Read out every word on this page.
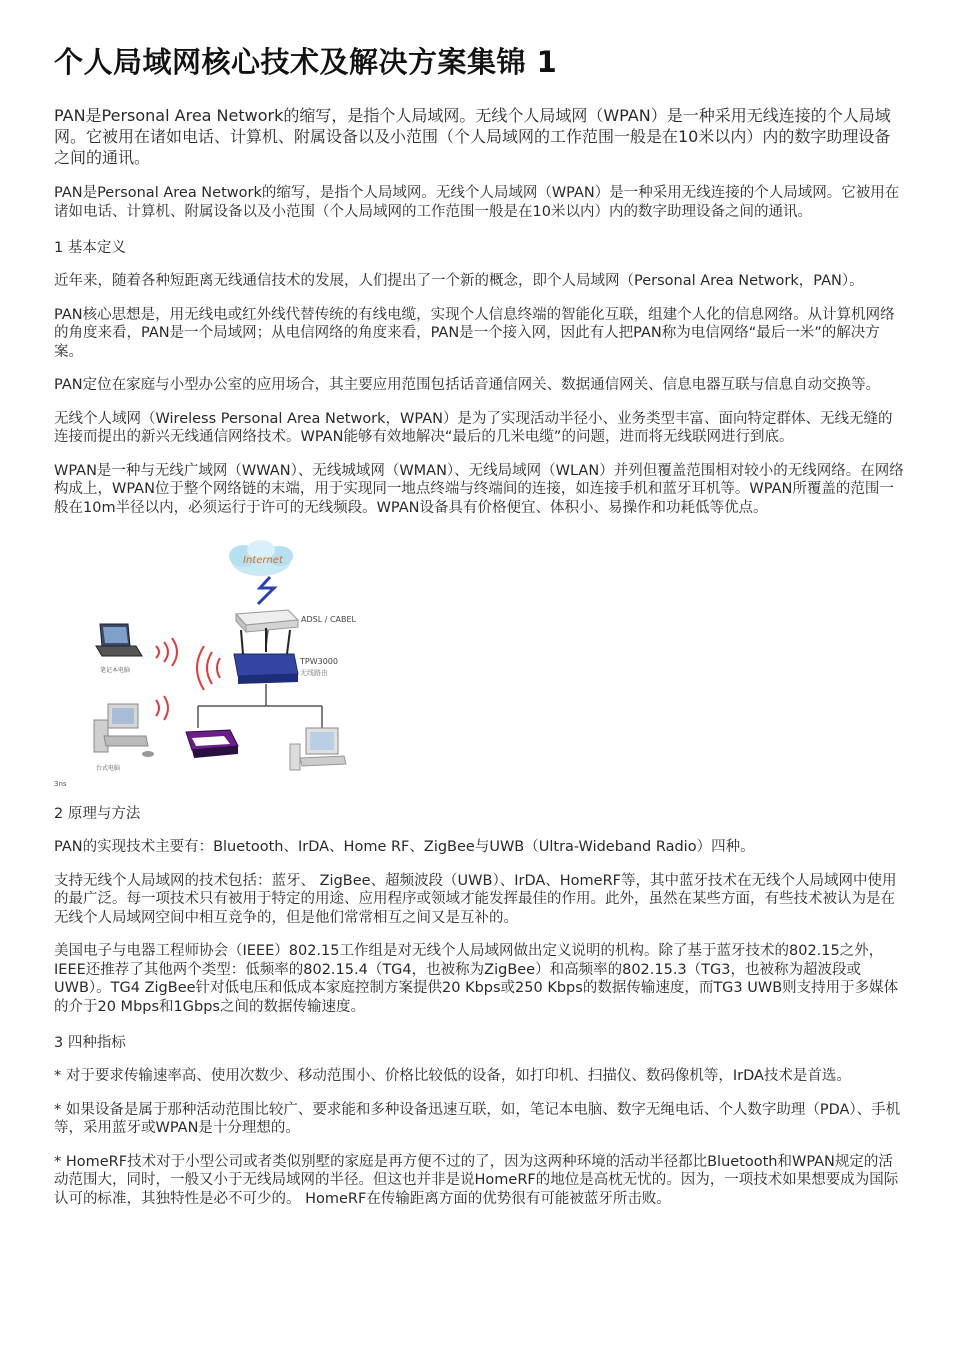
个人局域网核心技术及解决方案集锦 1
PAN是Personal Area Network的缩写，是指个人局域网。无线个人局域网（WPAN）是一种采用无线连接的个人局域网。它被用在诸如电话、计算机、附属设备以及小范围（个人局域网的工作范围一般是在10米以内）内的数字助理设备之间的通讯。

PAN是Personal Area Network的缩写，是指个人局域网。无线个人局域网（WPAN）是一种采用无线连接的个人局域网。它被用在诸如电话、计算机、附属设备以及小范围（个人局域网的工作范围一般是在10米以内）内的数字助理设备之间的通讯。

1 基本定义

近年来，随着各种短距离无线通信技术的发展，人们提出了一个新的概念，即个人局域网（Personal Area Network，PAN）。

PAN核心思想是，用无线电或红外线代替传统的有线电缆，实现个人信息终端的智能化互联，组建个人化的信息网络。从计算机网络的角度来看，PAN是一个局域网；从电信网络的角度来看，PAN是一个接入网，因此有人把PAN称为电信网络“最后一米”的解决方案。

PAN定位在家庭与小型办公室的应用场合，其主要应用范围包括话音通信网关、数据通信网关、信息电器互联与信息自动交换等。

无线个人域网（Wireless Personal Area Network，WPAN）是为了实现活动半径小、业务类型丰富、面向特定群体、无线无缝的连接而提出的新兴无线通信网络技术。WPAN能够有效地解决“最后的几米电缆”的问题，进而将无线联网进行到底。

WPAN是一种与无线广域网（WWAN）、无线城域网（WMAN）、无线局域网（WLAN）并列但覆盖范围相对较小的无线网络。在网络构成上，WPAN位于整个网络链的末端，用于实现同一地点终端与终端间的连接，如连接手机和蓝牙耳机等。WPAN所覆盖的范围一般在10m半径以内，必须运行于许可的无线频段。WPAN设备具有价格便宜、体积小、易操作和功耗低等优点。

Internet
ADSL / CABEL
TPW3000
无线路由
笔记本电脑
台式电脑
3ns
2 原理与方法

PAN的实现技术主要有：Bluetooth、IrDA、Home RF、ZigBee与UWB（Ultra-Wideband Radio）四种。

支持无线个人局域网的技术包括：蓝牙、 ZigBee、超频波段（UWB）、IrDA、HomeRF等，其中蓝牙技术在无线个人局域网中使用的最广泛。每一项技术只有被用于特定的用途、应用程序或领域才能发挥最佳的作用。此外，虽然在某些方面，有些技术被认为是在无线个人局域网空间中相互竞争的，但是他们常常相互之间又是互补的。

美国电子与电器工程师协会（IEEE）802.15工作组是对无线个人局域网做出定义说明的机构。除了基于蓝牙技术的802.15之外，IEEE还推荐了其他两个类型：低频率的802.15.4（TG4，也被称为ZigBee）和高频率的802.15.3（TG3，也被称为超波段或UWB）。TG4 ZigBee针对低电压和低成本家庭控制方案提供20 Kbps或250 Kbps的数据传输速度，而TG3 UWB则支持用于多媒体的介于20 Mbps和1Gbps之间的数据传输速度。

3 四种指标

* 对于要求传输速率高、使用次数少、移动范围小、价格比较低的设备，如打印机、扫描仪、数码像机等，IrDA技术是首选。

* 如果设备是属于那种活动范围比较广、要求能和多种设备迅速互联，如，笔记本电脑、数字无绳电话、个人数字助理（PDA）、手机等，采用蓝牙或WPAN是十分理想的。

* HomeRF技术对于小型公司或者类似别墅的家庭是再方便不过的了，因为这两种环境的活动半径都比Bluetooth和WPAN规定的活动范围大，同时，一般又小于无线局域网的半径。但这也并非是说HomeRF的地位是高枕无忧的。因为，一项技术如果想要成为国际认可的标准，其独特性是必不可少的。 HomeRF在传输距离方面的优势很有可能被蓝牙所击败。
